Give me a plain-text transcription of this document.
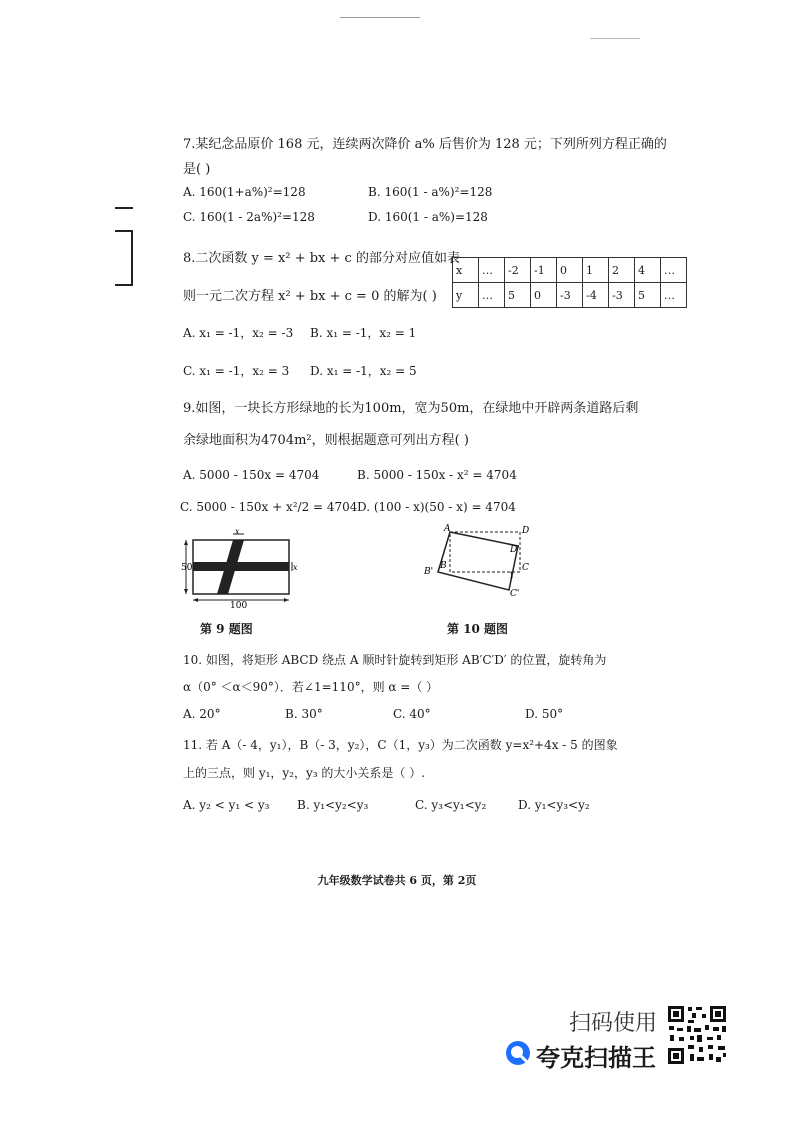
7.某纪念品原价 168 元，连续两次降价 a% 后售价为 128 元；下列所列方程正确的
是( )
A. 160(1+a%)²=128	B. 160(1 - a%)²=128
C. 160(1 - 2a%)²=128	D. 160(1 - a%)=128
8.二次函数 y = x² + bx + c 的部分对应值如表
则一元二次方程 x² + bx + c = 0 的解为( )
x	…	-2	-1	0	1	2	4	…
y	…	5	0	-3	-4	-3	5	…
A. x₁ = -1，x₂ = -3 B. x₁ = -1，x₂ = 1
C. x₁ = -1，x₂ = 3 D. x₁ = -1，x₂ = 5
9.如图，一块长方形绿地的长为100m，宽为50m，在绿地中开辟两条道路后剩
余绿地面积为4704m²，则根据题意可列出方程( )
A. 5000 - 150x = 4704	B. 5000 - 150x - x² = 4704
C. 5000 - 150x + x²/2 = 4704 D. (100 - x)(50 - x) = 4704
50
100
x
x
第 9 题图
A	D
D'
B
B'	C
C'
1
第 10 题图
10. 如图，将矩形 ABCD 绕点 A 顺时针旋转到矩形 AB′C′D′ 的位置，旋转角为
α（0° ＜α＜90°）．若∠1=110°，则 α =（ ）
A. 20°	B. 30°	C. 40°	D. 50°
11. 若 A（- 4，y₁），B（- 3，y₂），C（1，y₃）为二次函数 y=x²+4x - 5 的图象
上的三点，则 y₁，y₂，y₃ 的大小关系是（ ）.
A. y₂ < y₁ < y₃ B. y₁<y₂<y₃	C. y₃<y₁<y₂	D. y₁<y₃<y₂
九年级数学试卷共 6 页，第 2页
扫码使用
夸克扫描王
